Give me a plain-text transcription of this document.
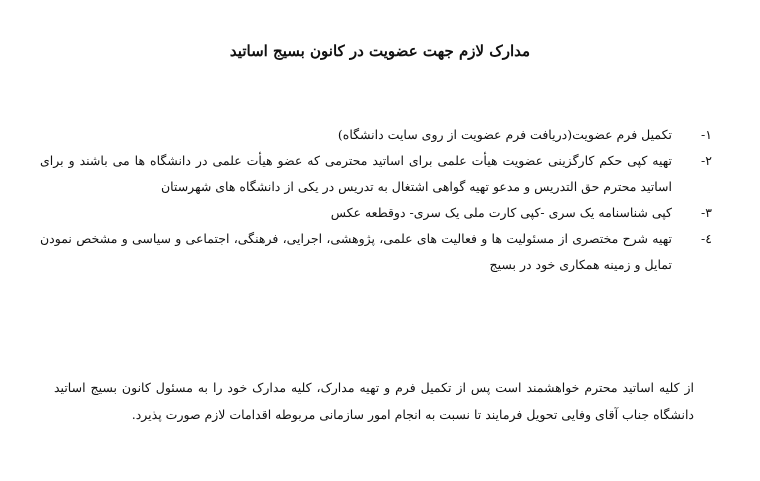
مدارک لازم جهت عضویت در کانون بسیج اساتید
١-
تکمیل فرم عضویت(دریافت فرم عضویت از روی سایت دانشگاه)
٢-
تهیه کپی حکم کارگزینی عضویت هیأت علمی برای اساتید محترمی که عضو هیأت علمی در دانشگاه ها می باشند و برای اساتید محترم حق التدریس و مدعو تهیه گواهی اشتغال به تدریس در یکی از دانشگاه های شهرستان
٣-
کپی شناسنامه یک سری -کپی کارت ملی یک سری- دوقطعه عکس
٤-
تهیه شرح مختصری از مسئولیت ها و فعالیت های علمی، پژوهشی، اجرایی، فرهنگی، اجتماعی و سیاسی و مشخص نمودن تمایل و زمینه همکاری خود در بسیج

از کلیه اساتید محترم خواهشمند است پس از تکمیل فرم و تهیه مدارک، کلیه مدارک خود را به مسئول کانون بسیج اساتید دانشگاه جناب آقای وفایی تحویل فرمایند تا نسبت به انجام امور سازمانی مربوطه اقدامات لازم صورت پذیرد.
